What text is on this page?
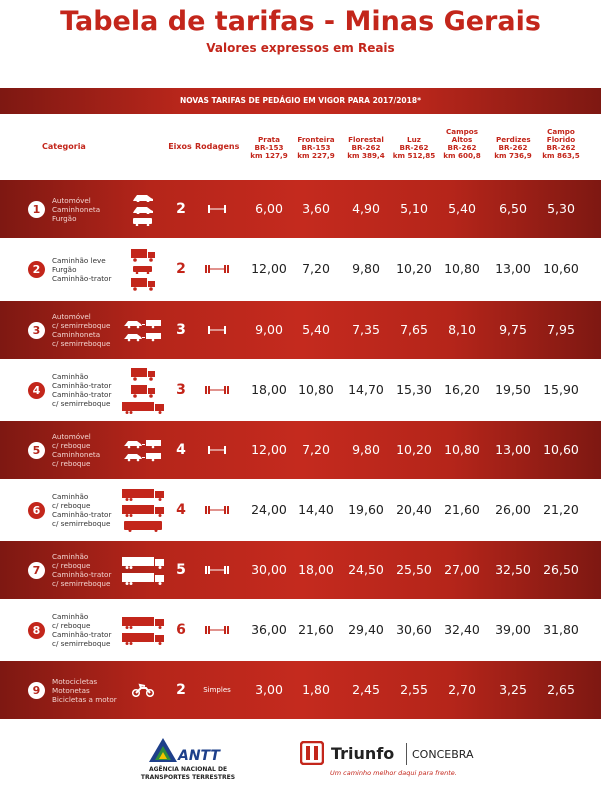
Tabela de tarifas - Minas Gerais
Valores expressos em Reais
NOVAS TARIFAS DE PEDÁGIO EM VIGOR PARA 2017/2018*
Categoria	Eixos Rodagens
Prata
BR-153
km 127,9
Fronteira
BR-153
km 227,9
Florestal
BR-262
km 389,4
Luz
BR-262
km 512,85
Campos Altos
BR-262
km 600,8
Perdizes
BR-262
km 736,9
Campo Florido
BR-262
km 863,5
1
Automóvel
Caminhoneta
Furgão
2	6,00	3,60	4,90	5,10	5,40	6,50	5,30
2
Caminhão leve
Furgão
Caminhão-trator
2	12,00	7,20	9,80	10,20 10,80	13,00 10,60
3
Automóvel
c/ semirreboque
Caminhoneta
c/ semirreboque
3	9,00	5,40	7,35	7,65	8,10	9,75	7,95
4
Caminhão
Caminhão-trator
Caminhão-trator
c/ semirreboque
3	18,00 10,80	14,70 15,30 16,20	19,50 15,90
5
Automóvel
c/ reboque
Caminhoneta
c/ reboque
4	12,00	7,20	9,80	10,20 10,80	13,00 10,60
6
Caminhão
c/ reboque
Caminhão-trator
c/ semirreboque
4	24,00 14,40	19,60 20,40 21,60	26,00 21,20
7
Caminhão
c/ reboque
Caminhão-trator
c/ semirreboque
5	30,00 18,00	24,50 25,50 27,00	32,50 26,50
8
Caminhão
c/ reboque
Caminhão-trator
c/ semirreboque
6	36,00 21,60	29,40 30,60 32,40	39,00 31,80
9
Motocicletas
Motonetas
Bicicletas a motor
2	Simples	3,00	1,80	2,45	2,55	2,70	3,25	2,65
ANTT
AGÊNCIA NACIONAL DE
TRANSPORTES TERRESTRES
Triunfo CONCEBRA
Um caminho melhor daqui para frente.
